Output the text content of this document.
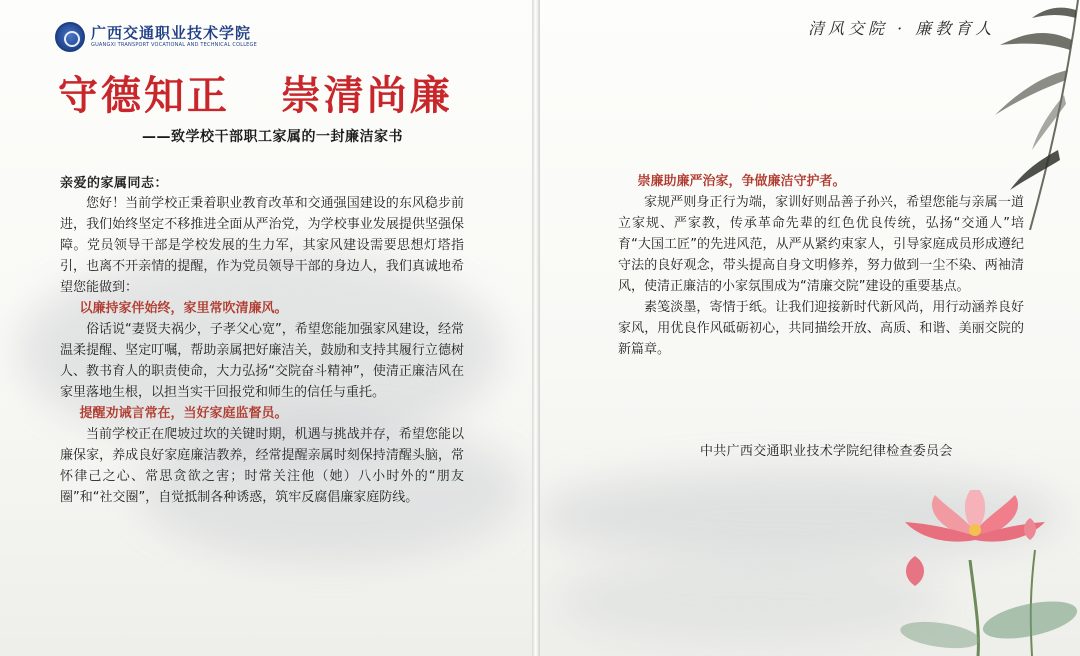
广西交通职业技术学院
GUANGXI TRANSPORT VOCATIONAL AND TECHNICAL COLLEGE
守德知正   崇清尚廉
——致学校干部职工家属的一封廉洁家书
亲爱的家属同志：

您好！当前学校正秉着职业教育改革和交通强国建设的东风稳步前进，我们始终坚定不移推进全面从严治党，为学校事业发展提供坚强保障。党员领导干部是学校发展的生力军，其家风建设需要思想灯塔指引，也离不开亲情的提醒，作为党员领导干部的身边人，我们真诚地希望您能做到：

以廉持家伴始终，家里常吹清廉风。

俗话说“妻贤夫祸少，子孝父心宽”，希望您能加强家风建设，经常温柔提醒、坚定叮嘱，帮助亲属把好廉洁关，鼓励和支持其履行立德树人、教书育人的职责使命，大力弘扬“交院奋斗精神”，使清正廉洁风在家里落地生根，以担当实干回报党和师生的信任与重托。

提醒劝诫言常在，当好家庭监督员。

当前学校正在爬坡过坎的关键时期，机遇与挑战并存，希望您能以廉保家，养成良好家庭廉洁教养，经常提醒亲属时刻保持清醒头脑，常怀律己之心、常思贪欲之害；时常关注他（她）八小时外的“朋友圈”和“社交圈”，自觉抵制各种诱惑，筑牢反腐倡廉家庭防线。

清风交院 · 廉教育人

崇廉助廉严治家，争做廉洁守护者。

家规严则身正行为端，家训好则品善子孙兴，希望您能与亲属一道立家规、严家教，传承革命先辈的红色优良传统，弘扬“交通人”培育“大国工匠”的先进风范，从严从紧约束家人，引导家庭成员形成遵纪守法的良好观念，带头提高自身文明修养，努力做到一尘不染、两袖清风，使清正廉洁的小家氛围成为“清廉交院”建设的重要基点。

素笺淡墨，寄情于纸。让我们迎接新时代新风尚，用行动涵养良好家风，用优良作风砥砺初心，共同描绘开放、高质、和谐、美丽交院的新篇章。

中共广西交通职业技术学院纪律检查委员会
